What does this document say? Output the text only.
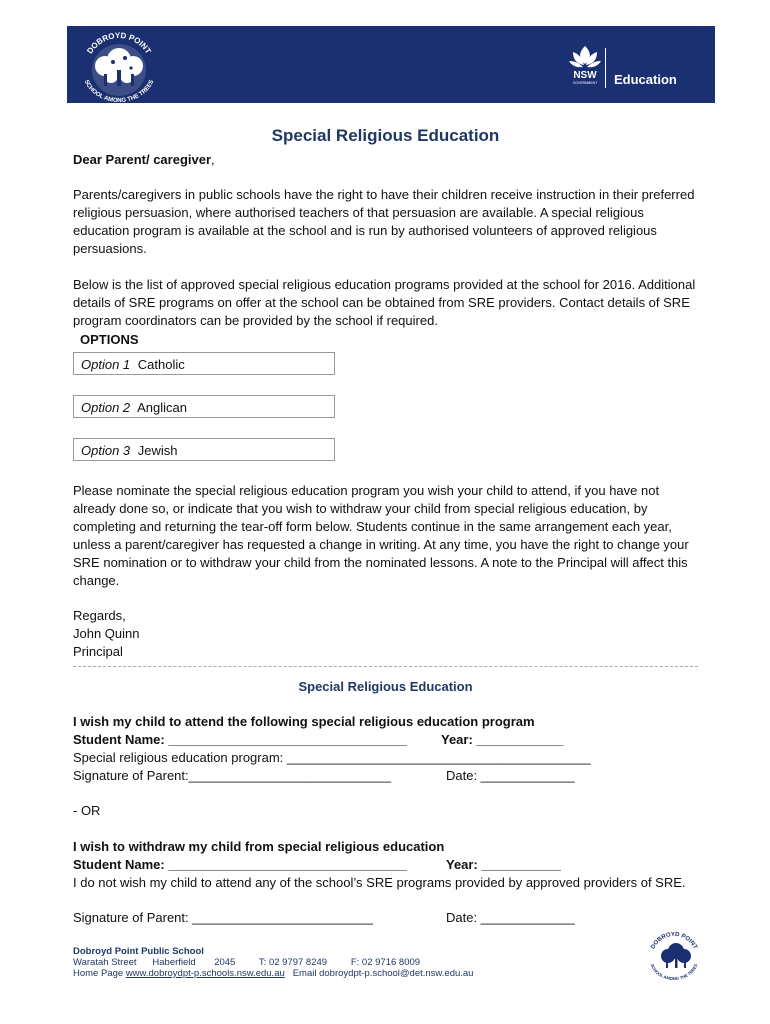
DOBROYD POINT
SCHOOL AMONG THE TREES
NSW
GOVERNMENT Education
Special Religious Education
Dear Parent/ caregiver,
Parents/caregivers in public schools have the right to have their children receive instruction in their preferred religious persuasion, where authorised teachers of that persuasion are available. A special religious education program is available at the school and is run by authorised volunteers of approved religious persuasions.
Below is the list of approved special religious education programs provided at the school for 2016. Additional details of SRE programs on offer at the school can be obtained from SRE providers. Contact details of SRE program coordinators can be provided by the school if required.
OPTIONS
Option 1 Catholic
Option 2 Anglican
Option 3 Jewish
Please nominate the special religious education program you wish your child to attend, if you have not already done so, or indicate that you wish to withdraw your child from special religious education, by completing and returning the tear-off form below. Students continue in the same arrangement each year, unless a parent/caregiver has requested a change in writing. At any time, you have the right to change your SRE nomination or to withdraw your child from the nominated lessons. A note to the Principal will affect this change.
Regards,
John Quinn
Principal
Special Religious Education
I wish my child to attend the following special religious education program
Student Name: _________________________________	Year: ____________
Special religious education program: __________________________________________
Signature of Parent:____________________________	Date: _____________
- OR
I wish to withdraw my child from special religious education
Student Name: _________________________________	Year: ___________
I do not wish my child to attend any of the school’s SRE programs provided by approved providers of SRE.
Signature of Parent: _________________________	Date: _____________
Dobroyd Point Public School
Waratah Street Haberfield 2045 T: 02 9797 8249	F: 02 9716 8009
Home Page www.dobroydpt-p.schools.nsw.edu.au Email dobroydpt-p.school@det.nsw.edu.au
DOBROYD POINT
SCHOOL AMONG THE TREES
